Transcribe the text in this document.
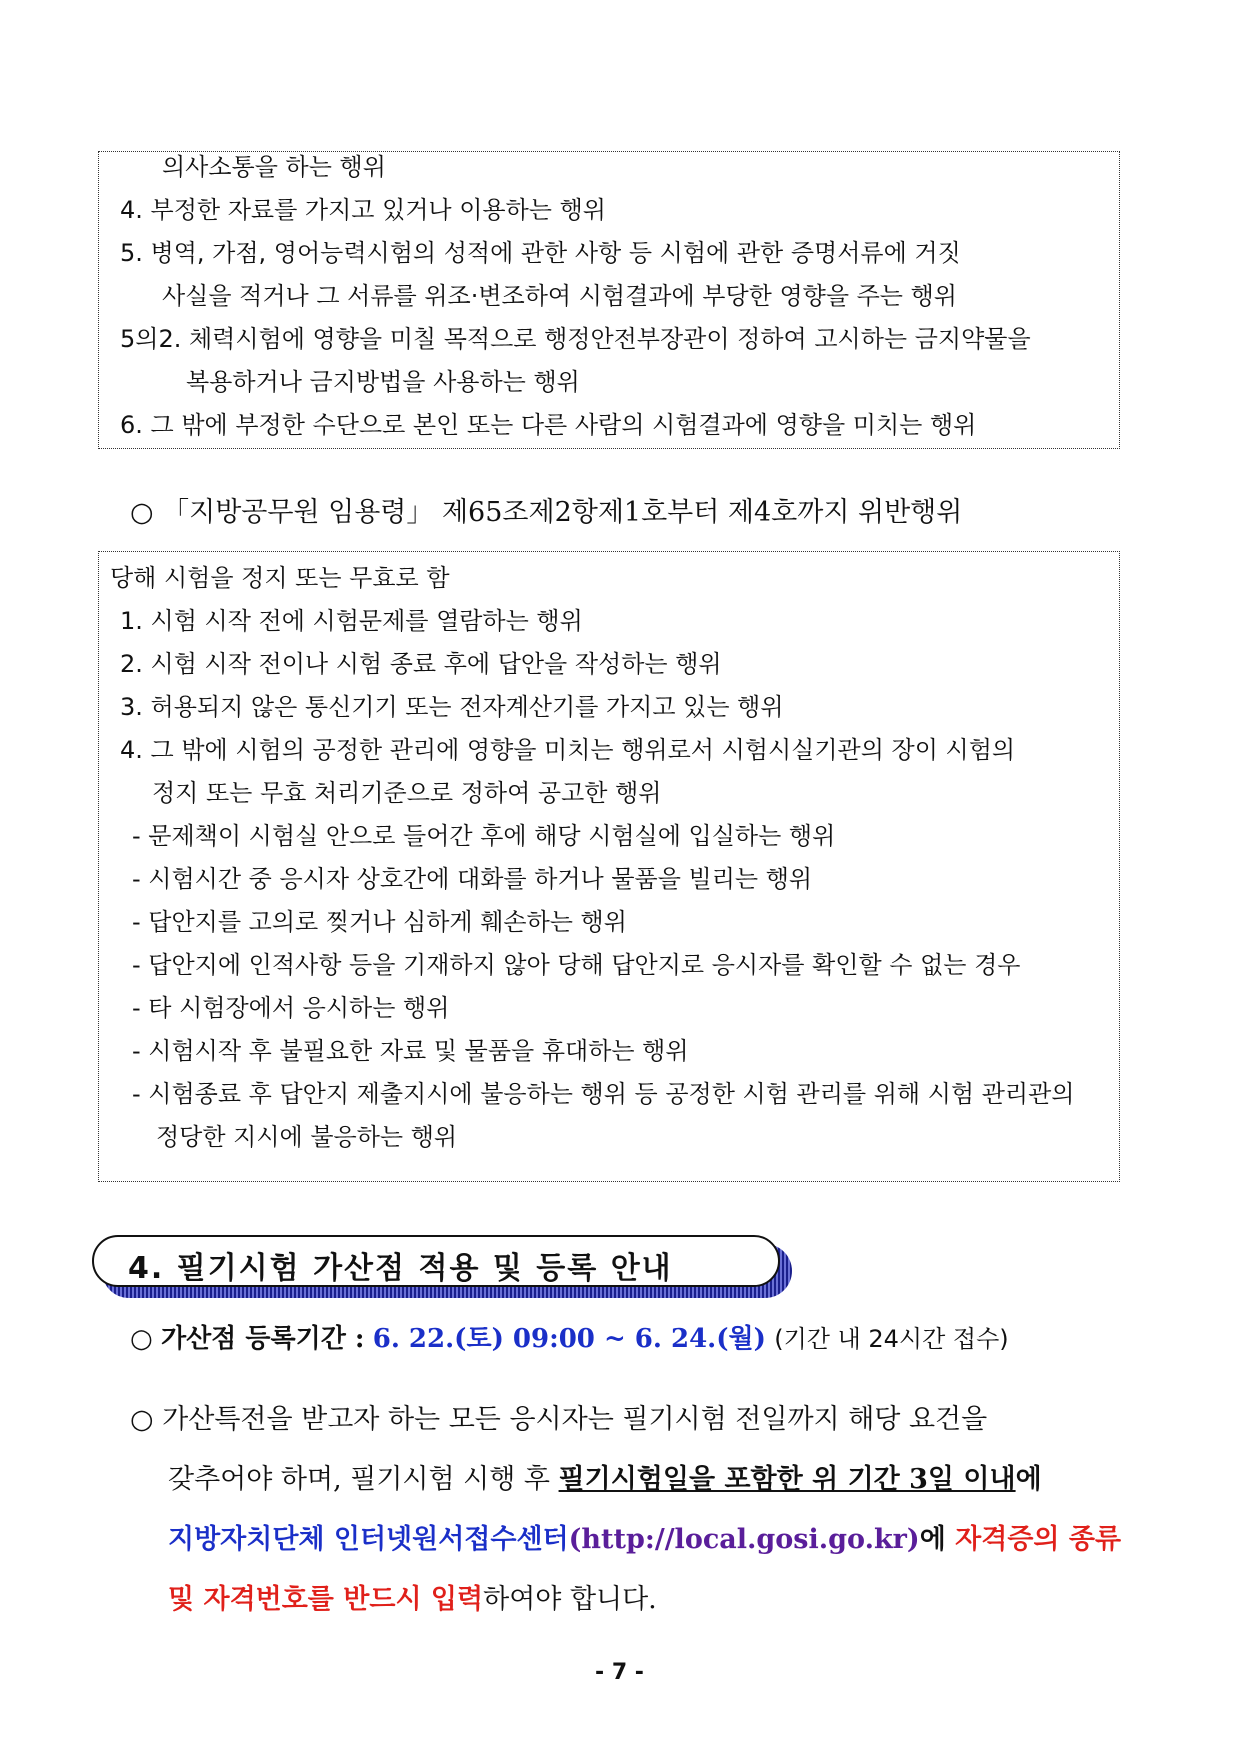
의사소통을 하는 행위
4. 부정한 자료를 가지고 있거나 이용하는 행위
5. 병역, 가점, 영어능력시험의 성적에 관한 사항 등 시험에 관한 증명서류에 거짓
사실을 적거나 그 서류를 위조·변조하여 시험결과에 부당한 영향을 주는 행위
5의2. 체력시험에 영향을 미칠 목적으로 행정안전부장관이 정하여 고시하는 금지약물을
복용하거나 금지방법을 사용하는 행위
6. 그 밖에 부정한 수단으로 본인 또는 다른 사람의 시험결과에 영향을 미치는 행위
○ 「지방공무원 임용령」 제65조제2항제1호부터 제4호까지 위반행위
당해 시험을 정지 또는 무효로 함
1. 시험 시작 전에 시험문제를 열람하는 행위
2. 시험 시작 전이나 시험 종료 후에 답안을 작성하는 행위
3. 허용되지 않은 통신기기 또는 전자계산기를 가지고 있는 행위
4. 그 밖에 시험의 공정한 관리에 영향을 미치는 행위로서 시험시실기관의 장이 시험의
정지 또는 무효 처리기준으로 정하여 공고한 행위
- 문제책이 시험실 안으로 들어간 후에 해당 시험실에 입실하는 행위
- 시험시간 중 응시자 상호간에 대화를 하거나 물품을 빌리는 행위
- 답안지를 고의로 찢거나 심하게 훼손하는 행위
- 답안지에 인적사항 등을 기재하지 않아 당해 답안지로 응시자를 확인할 수 없는 경우
- 타 시험장에서 응시하는 행위
- 시험시작 후 불필요한 자료 및 물품을 휴대하는 행위
- 시험종료 후 답안지 제출지시에 불응하는 행위 등 공정한 시험 관리를 위해 시험 관리관의
정당한 지시에 불응하는 행위
4. 필기시험 가산점 적용 및 등록 안내
○ 가산점 등록기간 : 6. 22.(토) 09:00 ~ 6. 24.(월) (기간 내 24시간 접수)
○ 가산특전을 받고자 하는 모든 응시자는 필기시험 전일까지 해당 요건을
갖추어야 하며, 필기시험 시행 후 필기시험일을 포함한 위 기간 3일 이내에
지방자치단체 인터넷원서접수센터(http://local.gosi.go.kr)에 자격증의 종류
및 자격번호를 반드시 입력하여야 합니다.
- 7 -
